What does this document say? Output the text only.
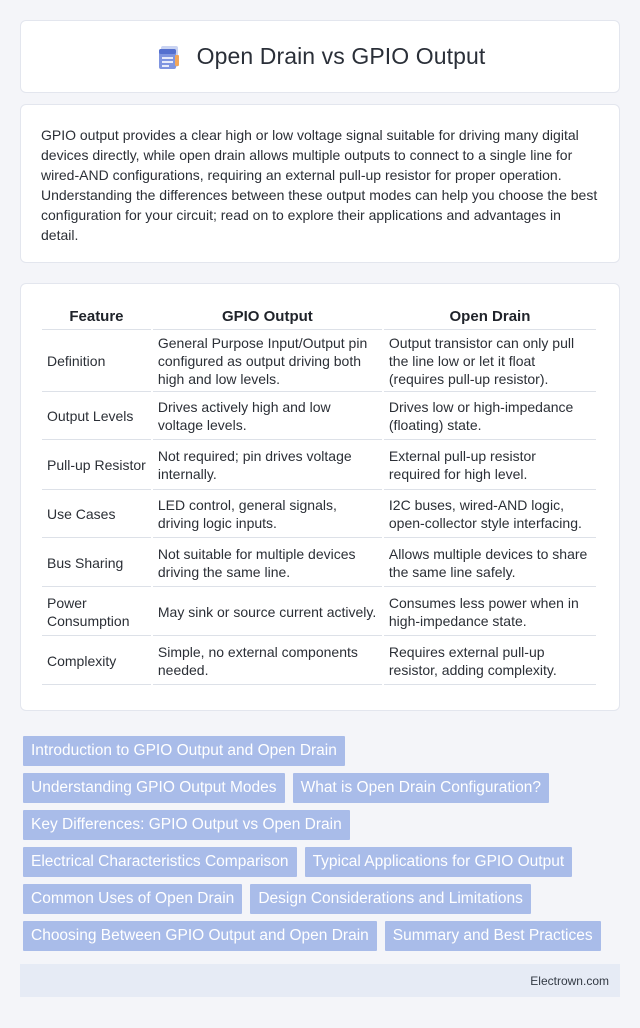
Open Drain vs GPIO Output

GPIO output provides a clear high or low voltage signal suitable for driving many digital devices directly, while open drain allows multiple outputs to connect to a single line for wired-AND configurations, requiring an external pull-up resistor for proper operation. Understanding the differences between these output modes can help you choose the best configuration for your circuit; read on to explore their applications and advantages in detail.

Feature	GPIO Output	Open Drain
Definition	General Purpose Input/Output pin configured as output driving both high and low levels.	Output transistor can only pull the line low or let it float (requires pull-up resistor).
Output Levels	Drives actively high and low voltage levels.	Drives low or high-impedance (floating) state.
Pull-up Resistor	Not required; pin drives voltage internally.	External pull-up resistor required for high level.
Use Cases	LED control, general signals, driving logic inputs.	I2C buses, wired-AND logic, open-collector style interfacing.
Bus Sharing	Not suitable for multiple devices driving the same line.	Allows multiple devices to share the same line safely.
Power Consumption	May sink or source current actively.	Consumes less power when in high-impedance state.
Complexity	Simple, no external components needed.	Requires external pull-up resistor, adding complexity.
Introduction to GPIO Output and Open Drain
Understanding GPIO Output Modes	What is Open Drain Configuration?
Key Differences: GPIO Output vs Open Drain
Electrical Characteristics Comparison	Typical Applications for GPIO Output
Common Uses of Open Drain	Design Considerations and Limitations
Choosing Between GPIO Output and Open Drain	Summary and Best Practices
Electrown.com
